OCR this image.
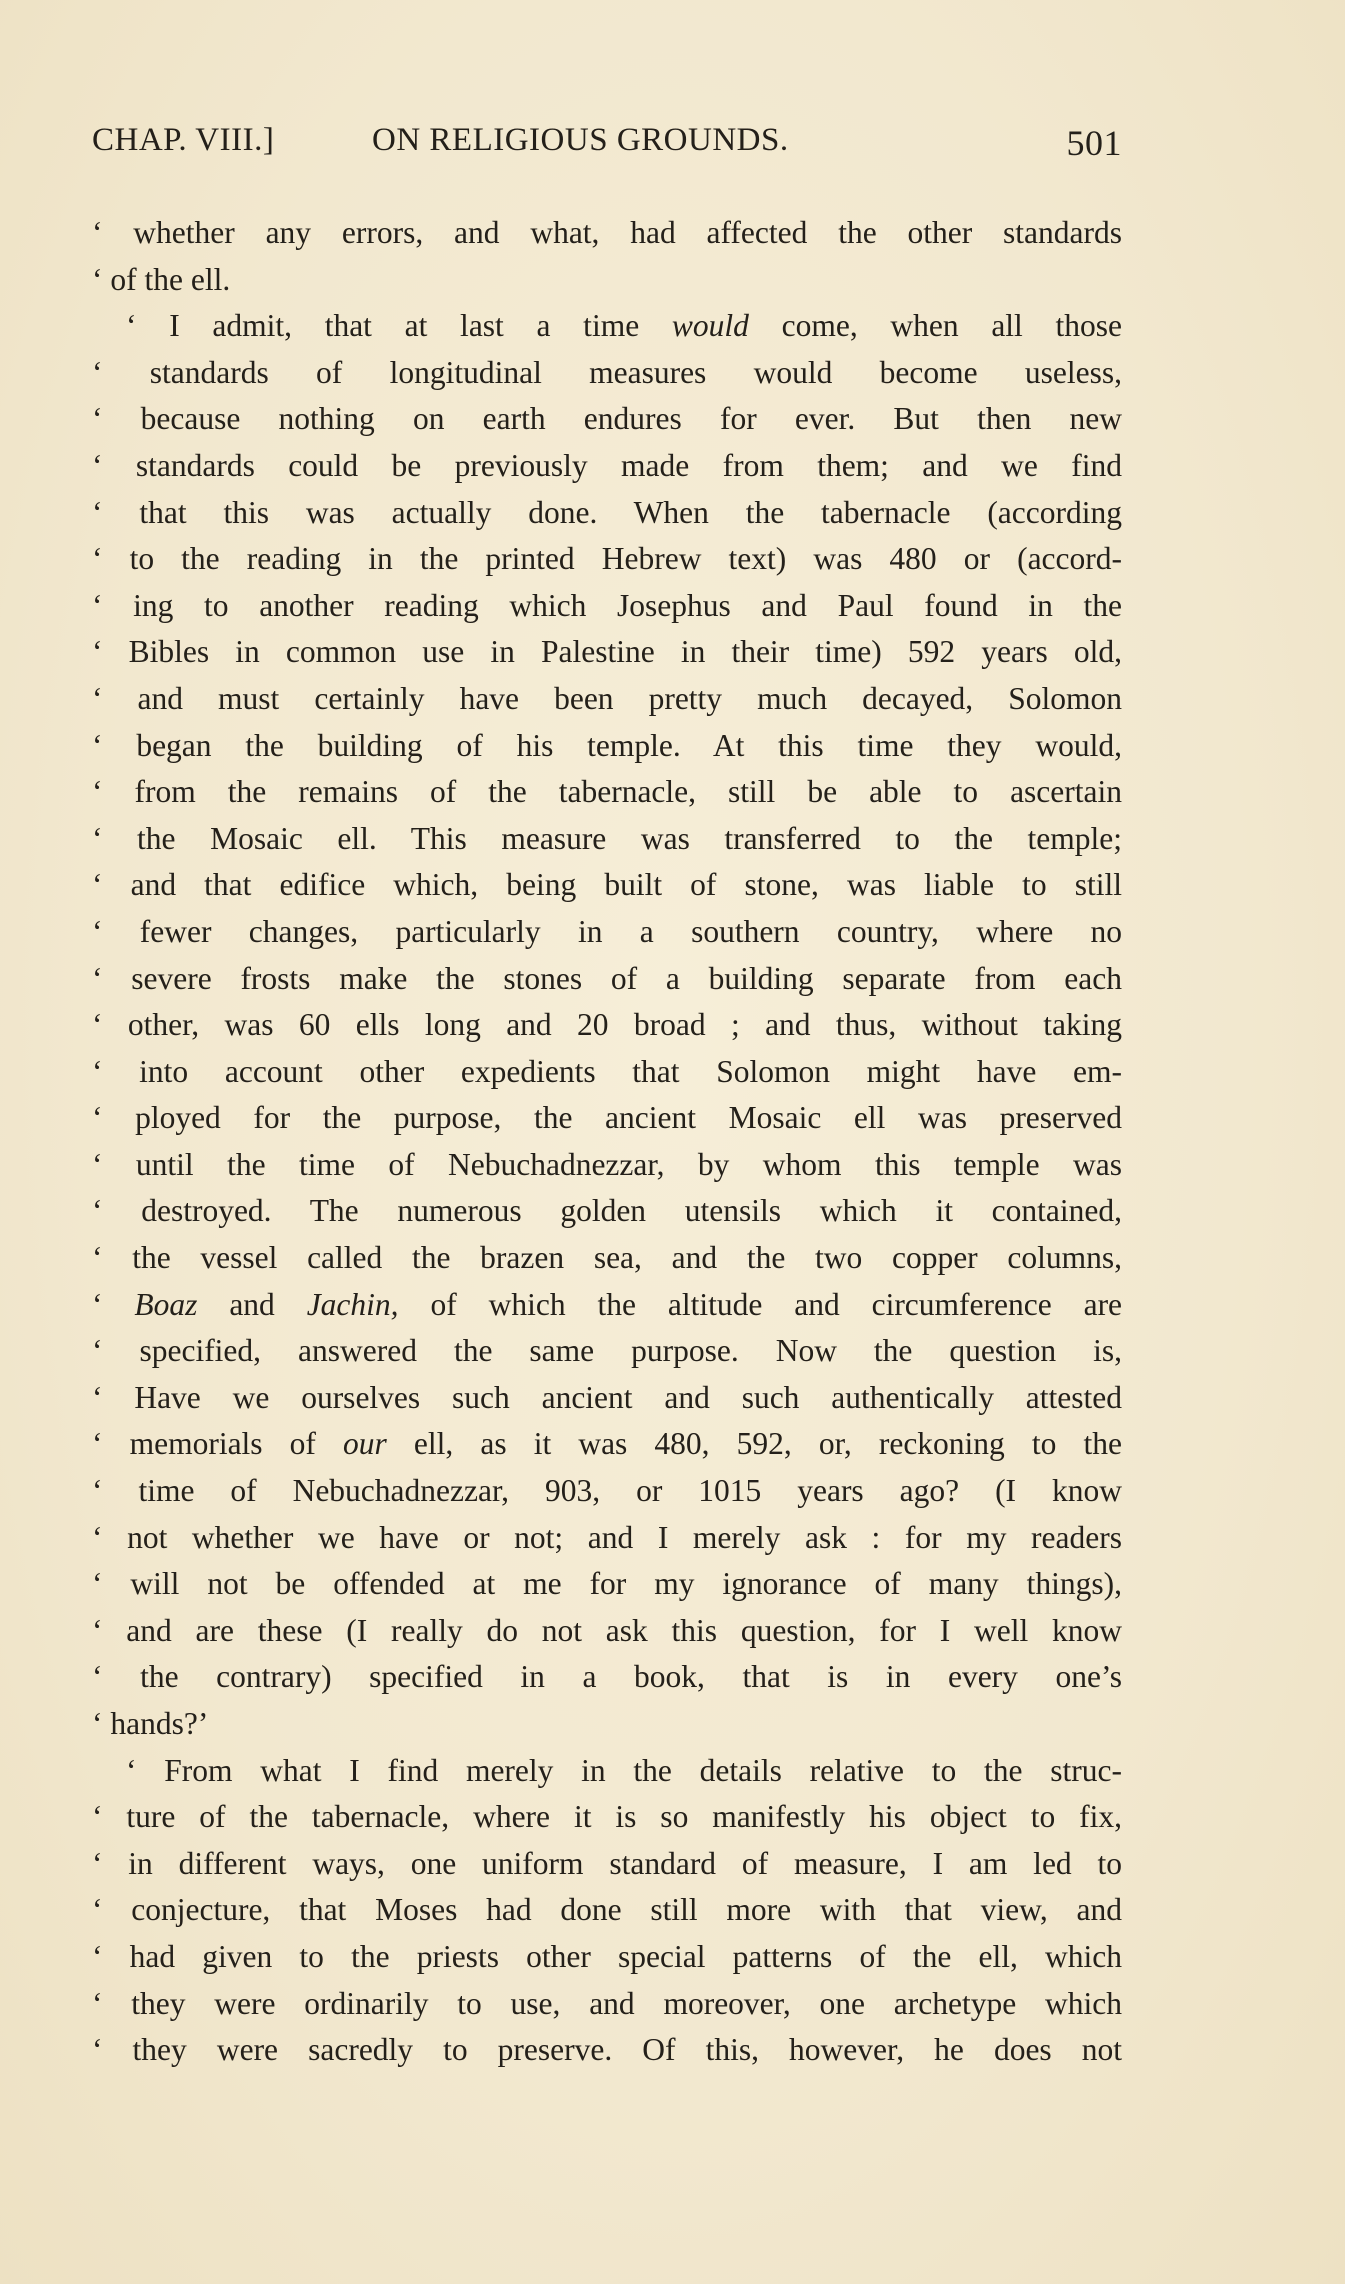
CHAP. VIII.]	ON RELIGIOUS GROUNDS.	501
‘ whether any errors, and what, had affected the other standards
‘ of the ell.
‘ I admit, that at last a time would come, when all those
‘ standards of longitudinal measures would become useless,
‘ because nothing on earth endures for ever. But then new
‘ standards could be previously made from them; and we find
‘ that this was actually done. When the tabernacle (according
‘ to the reading in the printed Hebrew text) was 480 or (accord-
‘ ing to another reading which Josephus and Paul found in the
‘ Bibles in common use in Palestine in their time) 592 years old,
‘ and must certainly have been pretty much decayed, Solomon
‘ began the building of his temple. At this time they would,
‘ from the remains of the tabernacle, still be able to ascertain
‘ the Mosaic ell. This measure was transferred to the temple;
‘ and that edifice which, being built of stone, was liable to still
‘ fewer changes, particularly in a southern country, where no
‘ severe frosts make the stones of a building separate from each
‘ other, was 60 ells long and 20 broad ; and thus, without taking
‘ into account other expedients that Solomon might have em-
‘ ployed for the purpose, the ancient Mosaic ell was preserved
‘ until the time of Nebuchadnezzar, by whom this temple was
‘ destroyed. The numerous golden utensils which it contained,
‘ the vessel called the brazen sea, and the two copper columns,
‘ Boaz and Jachin, of which the altitude and circumference are
‘ specified, answered the same purpose. Now the question is,
‘ Have we ourselves such ancient and such authentically attested
‘ memorials of our ell, as it was 480, 592, or, reckoning to the
‘ time of Nebuchadnezzar, 903, or 1015 years ago? (I know
‘ not whether we have or not; and I merely ask : for my readers
‘ will not be offended at me for my ignorance of many things),
‘ and are these (I really do not ask this question, for I well know
‘ the contrary) specified in a book, that is in every one’s
‘ hands?’
‘ From what I find merely in the details relative to the struc-
‘ ture of the tabernacle, where it is so manifestly his object to fix,
‘ in different ways, one uniform standard of measure, I am led to
‘ conjecture, that Moses had done still more with that view, and
‘ had given to the priests other special patterns of the ell, which
‘ they were ordinarily to use, and moreover, one archetype which
‘ they were sacredly to preserve. Of this, however, he does not
